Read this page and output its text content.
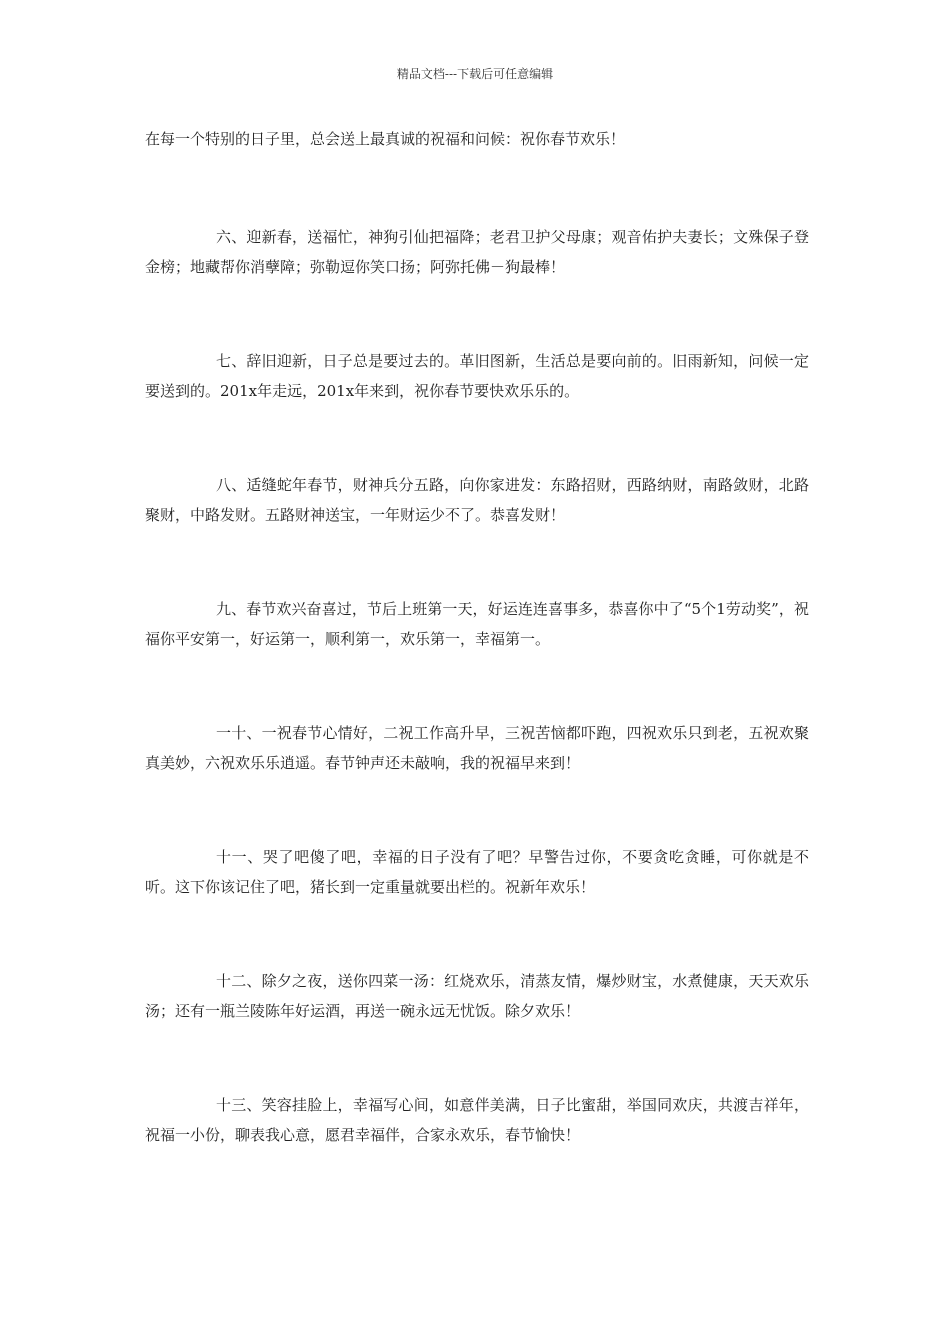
精品文档---下载后可任意编辑
在每一个特别的日子里，总会送上最真诚的祝福和问候：祝你春节欢乐！
六、迎新春，送福忙，神狗引仙把福降；老君卫护父母康；观音佑护夫妻长；文殊保子登金榜；地藏帮你消孽障；弥勒逗你笑口扬；阿弥托佛－狗最棒！
七、辞旧迎新，日子总是要过去的。革旧图新，生活总是要向前的。旧雨新知，问候一定要送到的。201x年走远，201x年来到，祝你春节要快欢乐乐的。
八、适缝蛇年春节，财神兵分五路，向你家进发：东路招财，西路纳财，南路敛财，北路聚财，中路发财。五路财神送宝，一年财运少不了。恭喜发财！
九、春节欢兴奋喜过，节后上班第一天，好运连连喜事多，恭喜你中了“5个1劳动奖”，祝福你平安第一，好运第一，顺利第一，欢乐第一，幸福第一。
一十、一祝春节心情好，二祝工作高升早，三祝苦恼都吓跑，四祝欢乐只到老，五祝欢聚真美妙，六祝欢乐乐逍遥。春节钟声还未敲响，我的祝福早来到！
十一、哭了吧傻了吧，幸福的日子没有了吧？早警告过你，不要贪吃贪睡，可你就是不听。这下你该记住了吧，猪长到一定重量就要出栏的。祝新年欢乐！
十二、除夕之夜，送你四菜一汤：红烧欢乐，清蒸友情，爆炒财宝，水煮健康，天天欢乐汤；还有一瓶兰陵陈年好运酒，再送一碗永远无忧饭。除夕欢乐！
十三、笑容挂脸上，幸福写心间，如意伴美满，日子比蜜甜，举国同欢庆，共渡吉祥年，祝福一小份，聊表我心意，愿君幸福伴，合家永欢乐，春节愉快！
